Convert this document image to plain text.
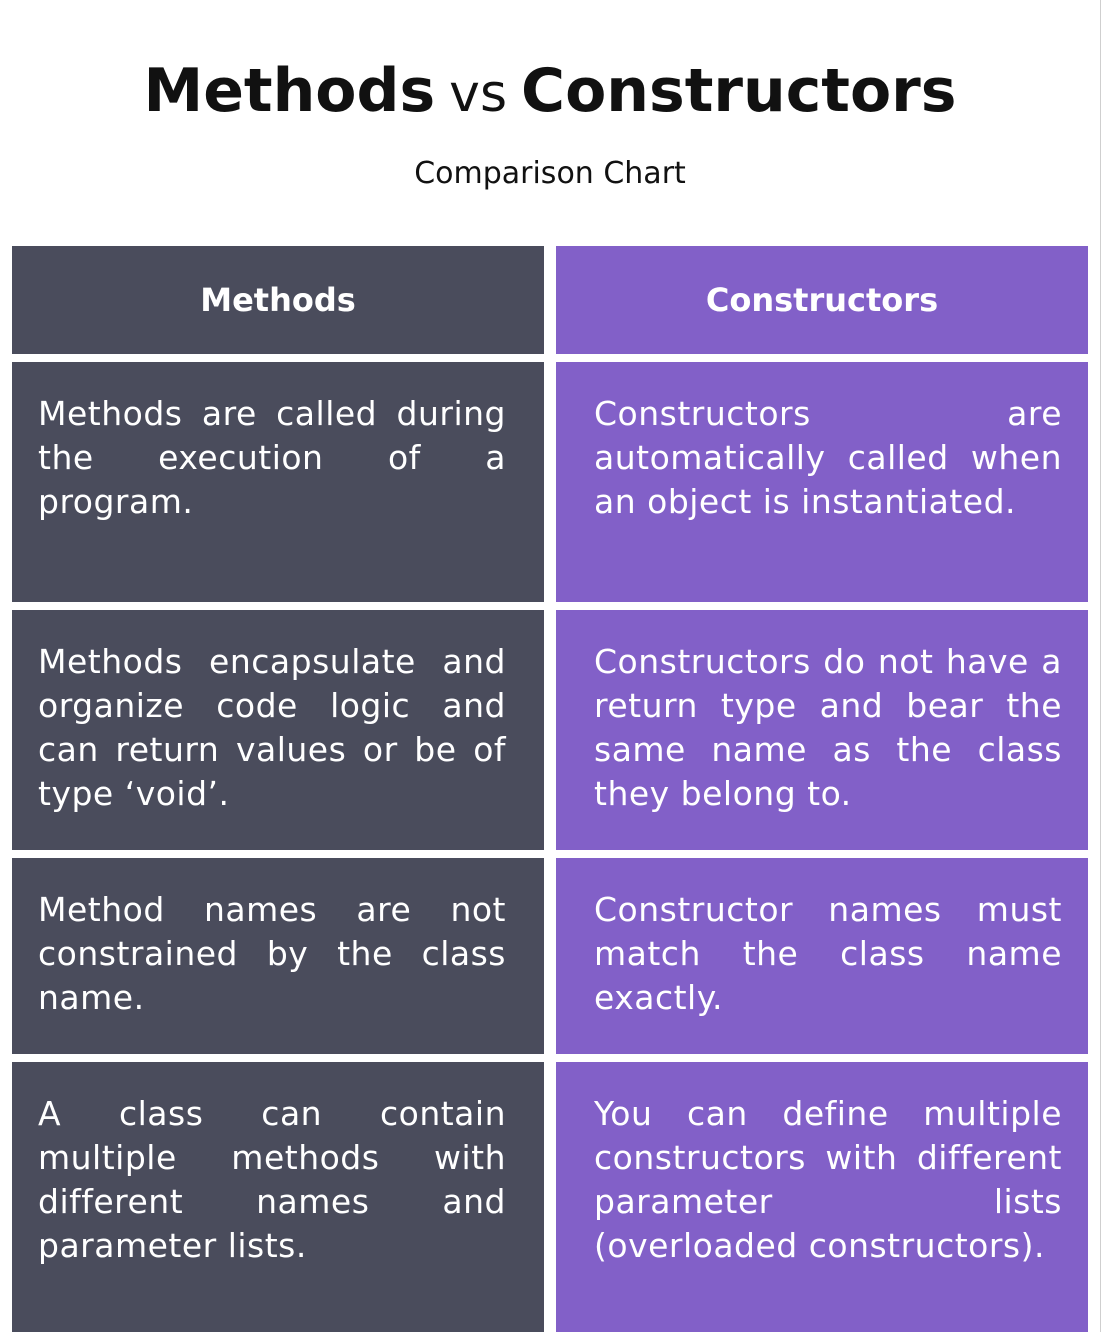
Methods vs Constructors

Comparison Chart

Methods	Constructors
Methods are called during the execution of a program.
Constructors are automatically called when an object is instantiated.
Methods encapsulate and organize code logic and can return values or be of type ‘void’.
Constructors do not have a return type and bear the same name as the class they belong to.
Method names are not constrained by the class name.
Constructor names must match the class name exactly.
A class can contain multiple methods with different names and parameter lists.
You can define multiple constructors with different parameter lists (overloaded constructors).
